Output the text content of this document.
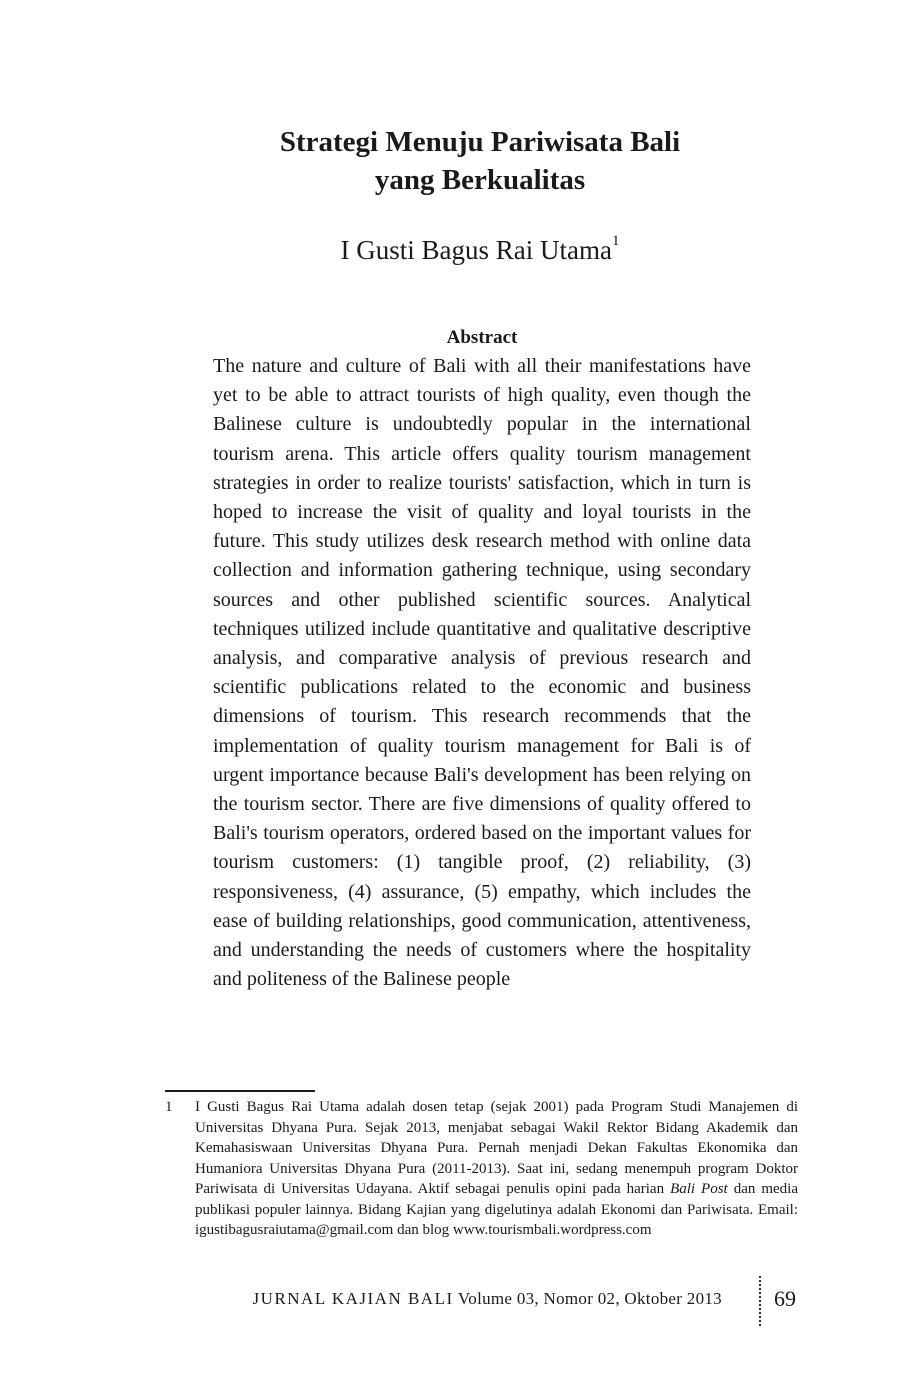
Strategi Menuju Pariwisata Bali
yang Berkualitas
I Gusti Bagus Rai Utama$^1$
Abstract
The nature and culture of Bali with all their manifestations have yet to be able to attract tourists of high quality, even though the Balinese culture is undoubtedly popular in the international tourism arena. This article offers quality tourism management strategies in order to realize tourists' satisfaction, which in turn is hoped to increase the visit of quality and loyal tourists in the future. This study utilizes desk research method with online data collection and information gathering technique, using secondary sources and other published scientific sources. Analytical techniques utilized include quantitative and qualitative descriptive analysis, and comparative analysis of previous research and scientific publications related to the economic and business dimensions of tourism. This research recommends that the implementation of quality tourism management for Bali is of urgent importance because Bali's development has been relying on the tourism sector. There are five dimensions of quality offered to Bali's tourism operators, ordered based on the important values for tourism customers: (1) tangible proof, (2) reliability, (3) responsiveness, (4) assurance, (5) empathy, which includes the ease of building relationships, good communication, attentiveness, and understanding the needs of customers where the hospitality and politeness of the Balinese people
1	I Gusti Bagus Rai Utama adalah dosen tetap (sejak 2001) pada Program Studi Manajemen di Universitas Dhyana Pura. Sejak 2013, menjabat sebagai Wakil Rektor Bidang Akademik dan Kemahasiswaan Universitas Dhyana Pura. Pernah menjadi Dekan Fakultas Ekonomika dan Humaniora Universitas Dhyana Pura (2011-2013). Saat ini, sedang menempuh program Doktor Pariwisata di Universitas Udayana. Aktif sebagai penulis opini pada harian Bali Post dan media publikasi populer lainnya. Bidang Kajian yang digelutinya adalah Ekonomi dan Pariwisata. Email: igustibagusraiutama@gmail.com dan blog www.tourismbali.wordpress.com
JURNAL KAJIAN BALI Volume 03, Nomor 02, Oktober 2013 69
